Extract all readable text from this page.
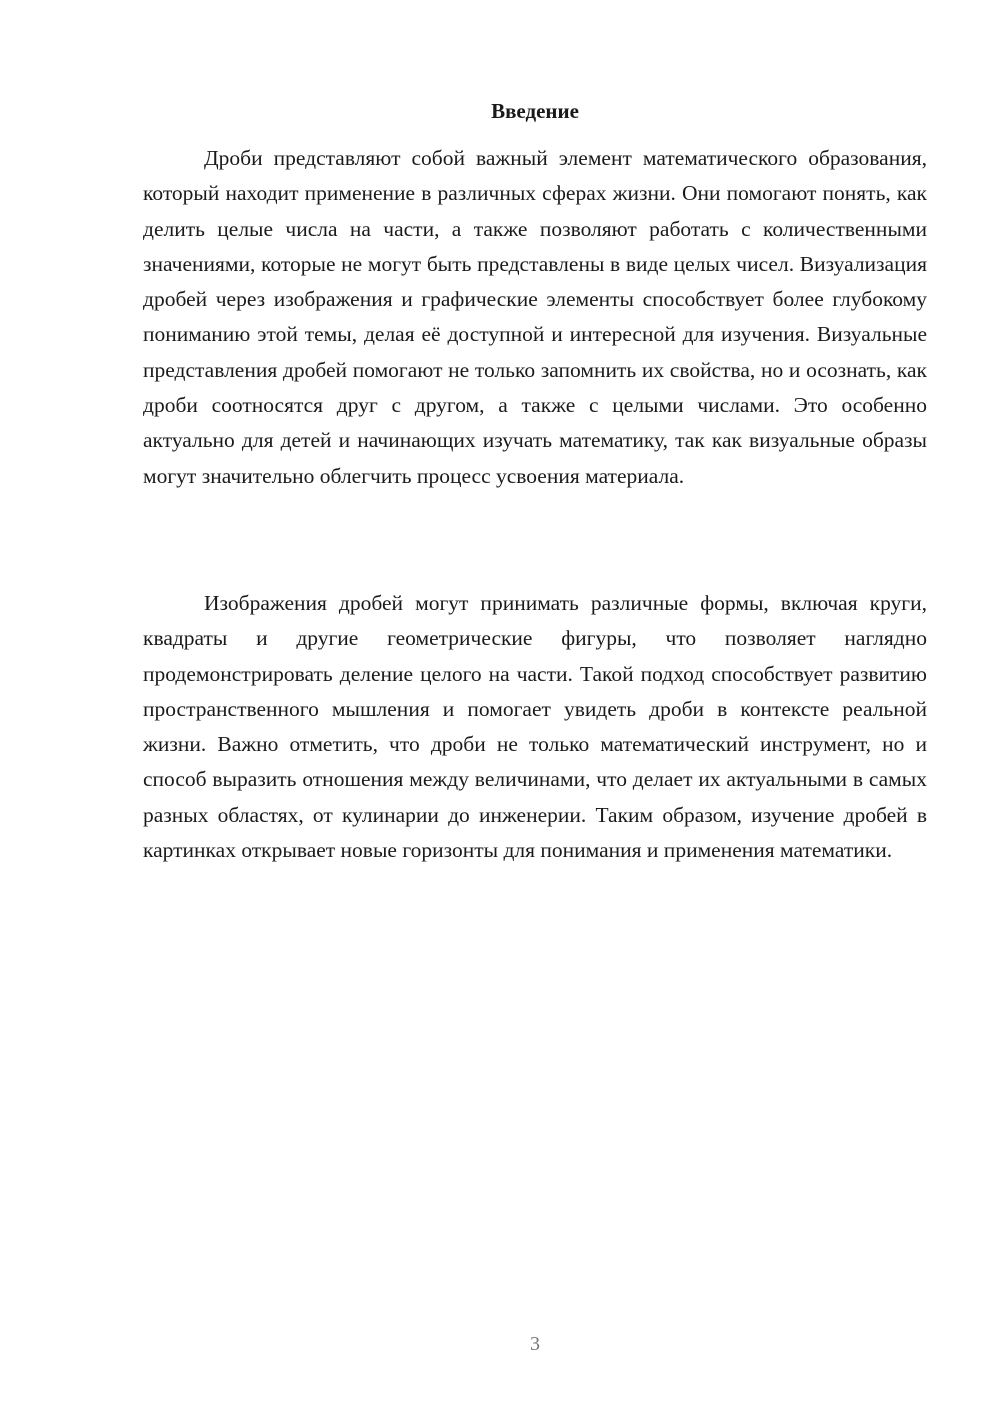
Введение

Дроби представляют собой важный элемент математического образования, который находит применение в различных сферах жизни. Они помогают понять, как делить целые числа на части, а также позволяют работать с количественными значениями, которые не могут быть представлены в виде целых чисел. Визуализация дробей через изображения и графические элементы способствует более глубокому пониманию этой темы, делая её доступной и интересной для изучения. Визуальные представления дробей помогают не только запомнить их свойства, но и осознать, как дроби соотносятся друг с другом, а также с целыми числами. Это особенно актуально для детей и начинающих изучать математику, так как визуальные образы могут значительно облегчить процесс усвоения материала.

Изображения дробей могут принимать различные формы, включая круги, квадраты и другие геометрические фигуры, что позволяет наглядно продемонстрировать деление целого на части. Такой подход способствует развитию пространственного мышления и помогает увидеть дроби в контексте реальной жизни. Важно отметить, что дроби не только математический инструмент, но и способ выразить отношения между величинами, что делает их актуальными в самых разных областях, от кулинарии до инженерии. Таким образом, изучение дробей в картинках открывает новые горизонты для понимания и применения математики.

3
